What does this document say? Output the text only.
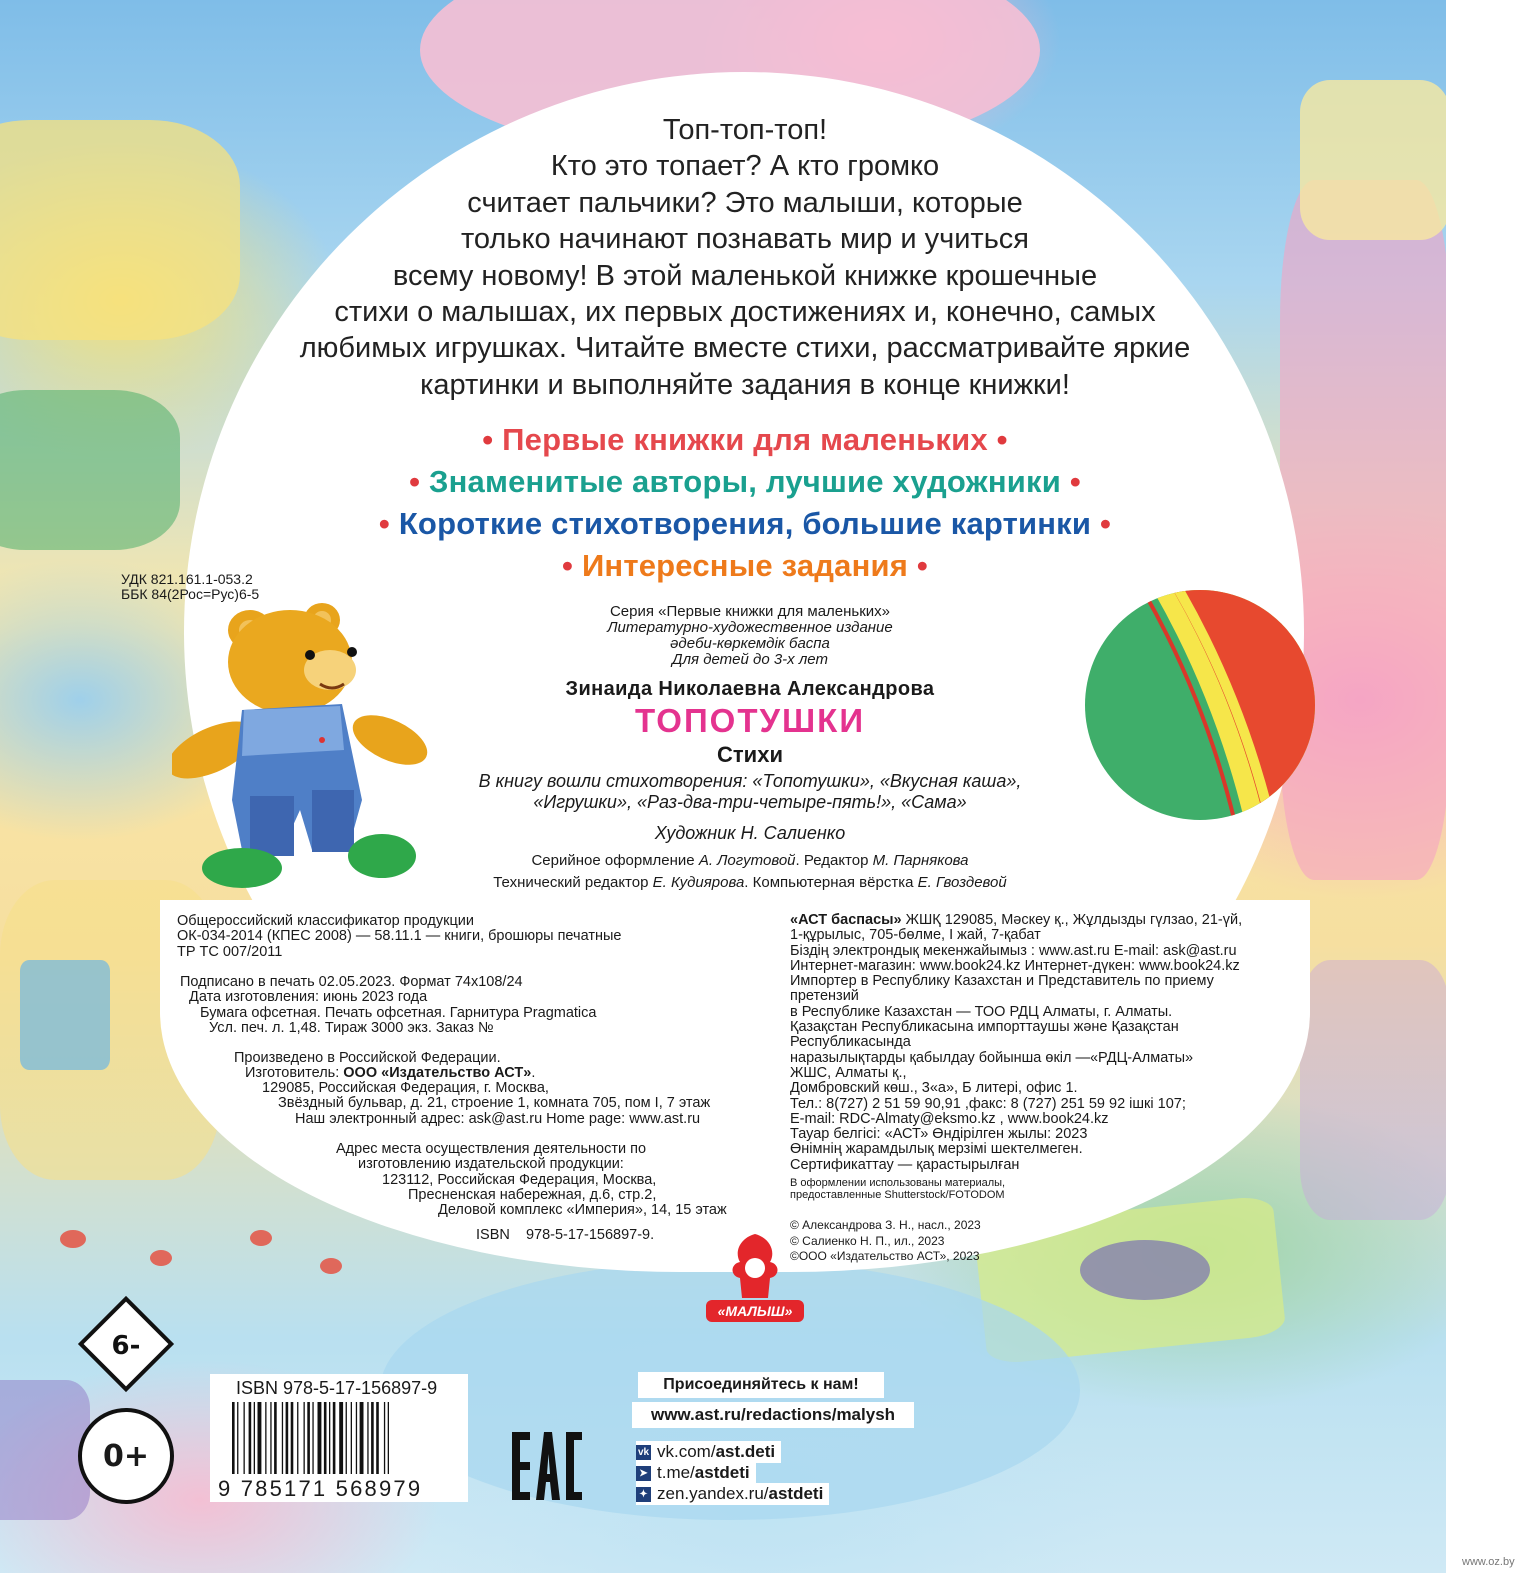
Топ-топ-топ!
Кто это топает? А кто громко
считает пальчики? Это малыши, которые
только начинают познавать мир и учиться
всему новому! В этой маленькой книжке крошечные
стихи о малышах, их первых достижениях и, конечно, самых
любимых игрушках. Читайте вместе стихи, рассматривайте яркие
картинки и выполняйте задания в конце книжки!
• Первые книжки для маленьких •
• Знаменитые авторы, лучшие художники •
• Короткие стихотворения, большие картинки •
• Интересные задания •
УДК 821.161.1-053.2
ББК 84(2Рос=Рус)6-5
Серия «Первые книжки для маленьких»
Литературно-художественное издание
әдеби-көркемдік баспа
Для детей до 3-х лет
Зинаида Николаевна Александрова
ТОПОТУШКИ
Стихи
В книгу вошли стихотворения: «Топотушки», «Вкусная каша»,
«Игрушки», «Раз-два-три-четыре-пять!», «Сама»
Художник Н. Салиенко
Серийное оформление А. Логутовой. Редактор М. Парнякова
Технический редактор Е. Кудиярова. Компьютерная вёрстка Е. Гвоздевой
Общероссийский классификатор продукции
ОК-034-2014 (КПЕС 2008) — 58.11.1 — книги, брошюры печатные
ТР ТС 007/2011
Подписано в печать 02.05.2023. Формат 74x108/24
Дата изготовления: июнь 2023 года
Бумага офсетная. Печать офсетная. Гарнитура Pragmatica
Усл. печ. л. 1,48. Тираж 3000 экз. Заказ №
Произведено в Российской Федерации.
Изготовитель: ООО «Издательство АСТ».
129085, Российская Федерация, г. Москва,
Звёздный бульвар, д. 21, строение 1, комната 705, пом I, 7 этаж
Наш электронный адрес: ask@ast.ru Home page: www.ast.ru
Адрес места осуществления деятельности по
изготовлению издательской продукции:
123112, Российская Федерация, Москва,
Пресненская набережная, д.6, стр.2,
Деловой комплекс «Империя», 14, 15 этаж
ISBN    978-5-17-156897-9.
«АСТ баспасы» ЖШҚ 129085, Мәскеу қ., Жұлдызды гүлзао, 21-үй,
1-құрылыс, 705-бөлме, I жай, 7-қабат
Біздің электрондық мекенжайымыз : www.ast.ru E-mail: ask@ast.ru
Интернет-магазин: www.book24.kz Интернет-дүкен: www.book24.kz
Импортер в Республику Казахстан и Представитель по приему
претензий
в Республике Казахстан — ТОО РДЦ Алматы, г. Алматы.
Қазақстан Республикасына импорттаушы және Қазақстан
Республикасында
наразылықтарды қабылдау бойынша өкіл —«РДЦ-Алматы»
ЖШС, Алматы қ.,
Домбровский көш., 3«а», Б литері, офис 1.
Тел.: 8(727) 2 51 59 90,91 ,факс: 8 (727) 251 59 92 ішкі 107;
E-mail: RDC-Almaty@eksmo.kz , www.book24.kz
Тауар белгісі: «АСТ» Өндірілген жылы: 2023
Өнімнің жарамдылық мерзімі шектелмеген.
Сертификаттау — қарастырылған
В оформлении использованы материалы,
предоставленные Shutterstock/FOTODOM
© Александрова З. Н., насл., 2023
© Салиенко Н. П., ил., 2023
©ООО «Издательство АСТ», 2023
«МАЛЫШ»
6-
0+
ISBN 978-5-17-156897-9
9 785171 568979
Присоединяйтесь к нам!
www.ast.ru/redactions/malysh
vk vk.com/ast.deti
➤ t.me/astdeti
✦ zen.yandex.ru/astdeti
www.oz.by
